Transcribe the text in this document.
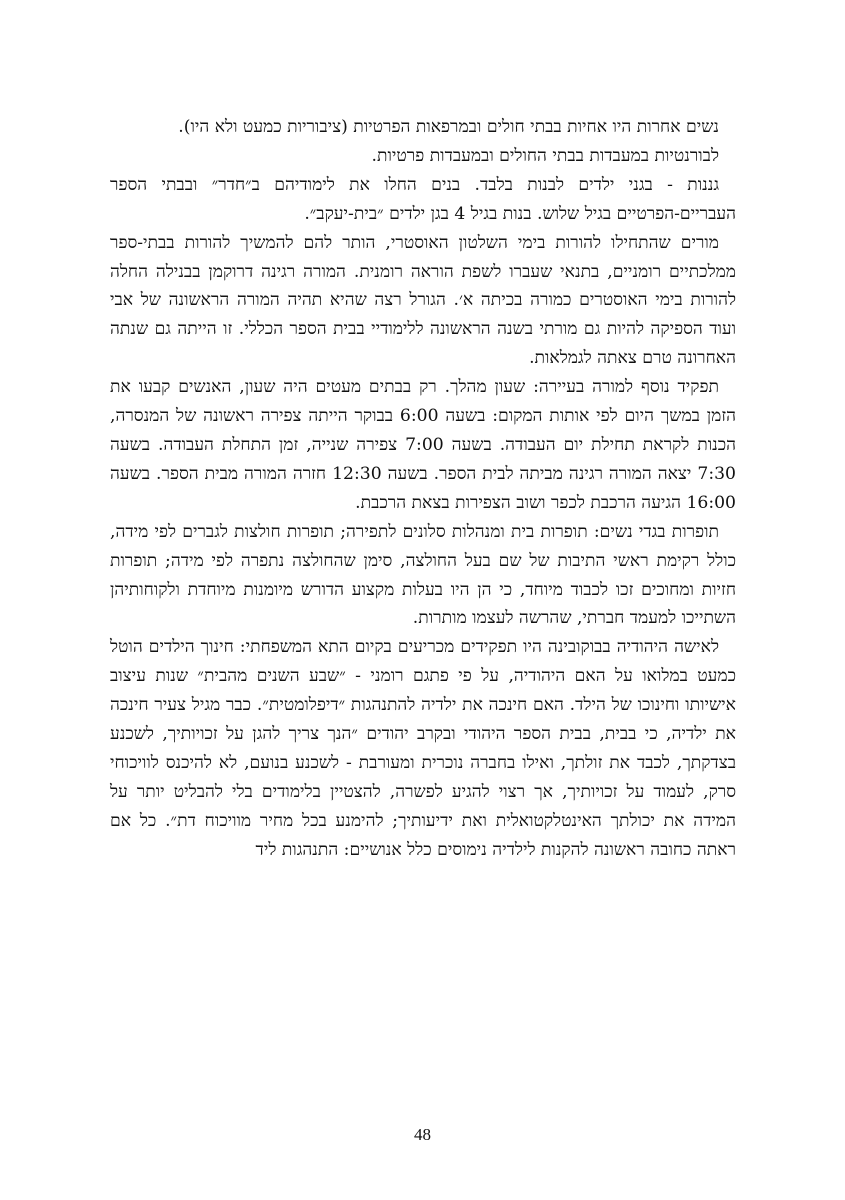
נשים אחרות היו אחיות בבתי חולים ובמרפאות הפרטיות (ציבוריות כמעט ולא היו).

לבורנטיות במעבדות בבתי החולים ובמעבדות פרטיות.

גננות - בגני ילדים לבנות בלבד. בנים החלו את לימודיהם ב״חדר״ ובבתי הספר העבריים-הפרטיים בגיל שלוש. בנות בגיל 4 בגן ילדים ״בית-יעקב״.

מורים שהתחילו להורות בימי השלטון האוסטרי, הותר להם להמשיך להורות בבתי-ספר ממלכתיים רומניים, בתנאי שעברו לשפת הוראה רומנית. המורה רגינה דרוקמן בבנילה החלה להורות בימי האוסטרים כמורה בכיתה א׳. הגורל רצה שהיא תהיה המורה הראשונה של אבי ועוד הספיקה להיות גם מורתי בשנה הראשונה ללימודיי בבית הספר הכללי. זו הייתה גם שנתה האחרונה טרם צאתה לגמלאות.

תפקיד נוסף למורה בעיירה: שעון מהלך. רק בבתים מעטים היה שעון, האנשים קבעו את הזמן במשך היום לפי אותות המקום: בשעה 6:00 בבוקר הייתה צפירה ראשונה של המנסרה, הכנות לקראת תחילת יום העבודה. בשעה 7:00 צפירה שנייה, זמן התחלת העבודה. בשעה 7:30 יצאה המורה רגינה מביתה לבית הספר. בשעה 12:30 חזרה המורה מבית הספר. בשעה 16:00 הגיעה הרכבת לכפר ושוב הצפירות בצאת הרכבת.

תופרות בגדי נשים: תופרות בית ומנהלות סלונים לתפירה; תופרות חולצות לגברים לפי מידה, כולל רקימת ראשי התיבות של שם בעל החולצה, סימן שהחולצה נתפרה לפי מידה; תופרות חזיות ומחוכים זכו לכבוד מיוחד, כי הן היו בעלות מקצוע הדורש מיומנות מיוחדת ולקוחותיהן השתייכו למעמד חברתי, שהרשה לעצמו מותרות.

לאישה היהודיה בבוקובינה היו תפקידים מכריעים בקיום התא המשפחתי: חינוך הילדים הוטל כמעט במלואו על האם היהודיה, על פי פתגם רומני - ״שבע השנים מהבית״ שנות עיצוב אישיותו וחינוכו של הילד. האם חינכה את ילדיה להתנהגות ״דיפלומטית״. כבר מגיל צעיר חינכה את ילדיה, כי בבית, בבית הספר היהודי ובקרב יהודים ״הנך צריך להגן על זכויותיך, לשכנע בצדקתך, לכבד את זולתך, ואילו בחברה נוכרית ומעורבת - לשכנע בנועם, לא להיכנס לוויכוחי סרק, לעמוד על זכויותיך, אך רצוי להגיע לפשרה, להצטיין בלימודים בלי להבליט יותר על המידה את יכולתך האינטלקטואלית ואת ידיעותיך; להימנע בכל מחיר מוויכוח דת״. כל אם ראתה כחובה ראשונה להקנות לילדיה נימוסים כלל אנושיים: התנהגות ליד

48
